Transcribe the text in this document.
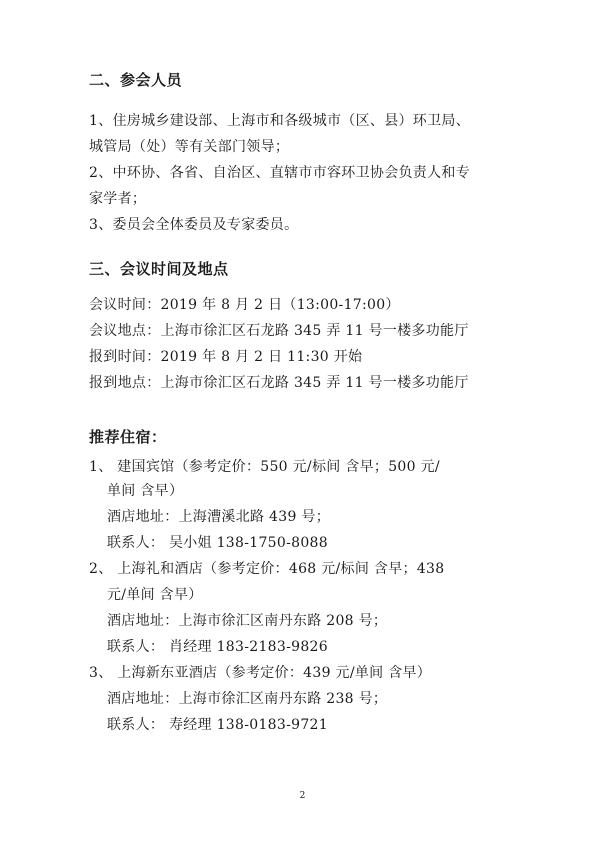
二、参会人员
1、住房城乡建设部、上海市和各级城市（区、县）环卫局、
城管局（处）等有关部门领导；
2、中环协、各省、自治区、直辖市市容环卫协会负责人和专
家学者；
3、委员会全体委员及专家委员。
三、会议时间及地点
会议时间：2019 年 8 月 2 日（13:00-17:00）
会议地点：上海市徐汇区石龙路 345 弄 11 号一楼多功能厅
报到时间：2019 年 8 月 2 日 11:30 开始
报到地点：上海市徐汇区石龙路 345 弄 11 号一楼多功能厅
推荐住宿：
1、 建国宾馆（参考定价：550 元/标间 含早；500 元/
单间 含早）
酒店地址：上海漕溪北路 439 号；
联系人： 吴小姐 138-1750-8088
2、 上海礼和酒店（参考定价：468 元/标间 含早；438
元/单间 含早）
酒店地址：上海市徐汇区南丹东路 208 号；
联系人： 肖经理 183-2183-9826
3、 上海新东亚酒店（参考定价：439 元/单间 含早）
酒店地址：上海市徐汇区南丹东路 238 号；
联系人： 寿经理 138-0183-9721
2
